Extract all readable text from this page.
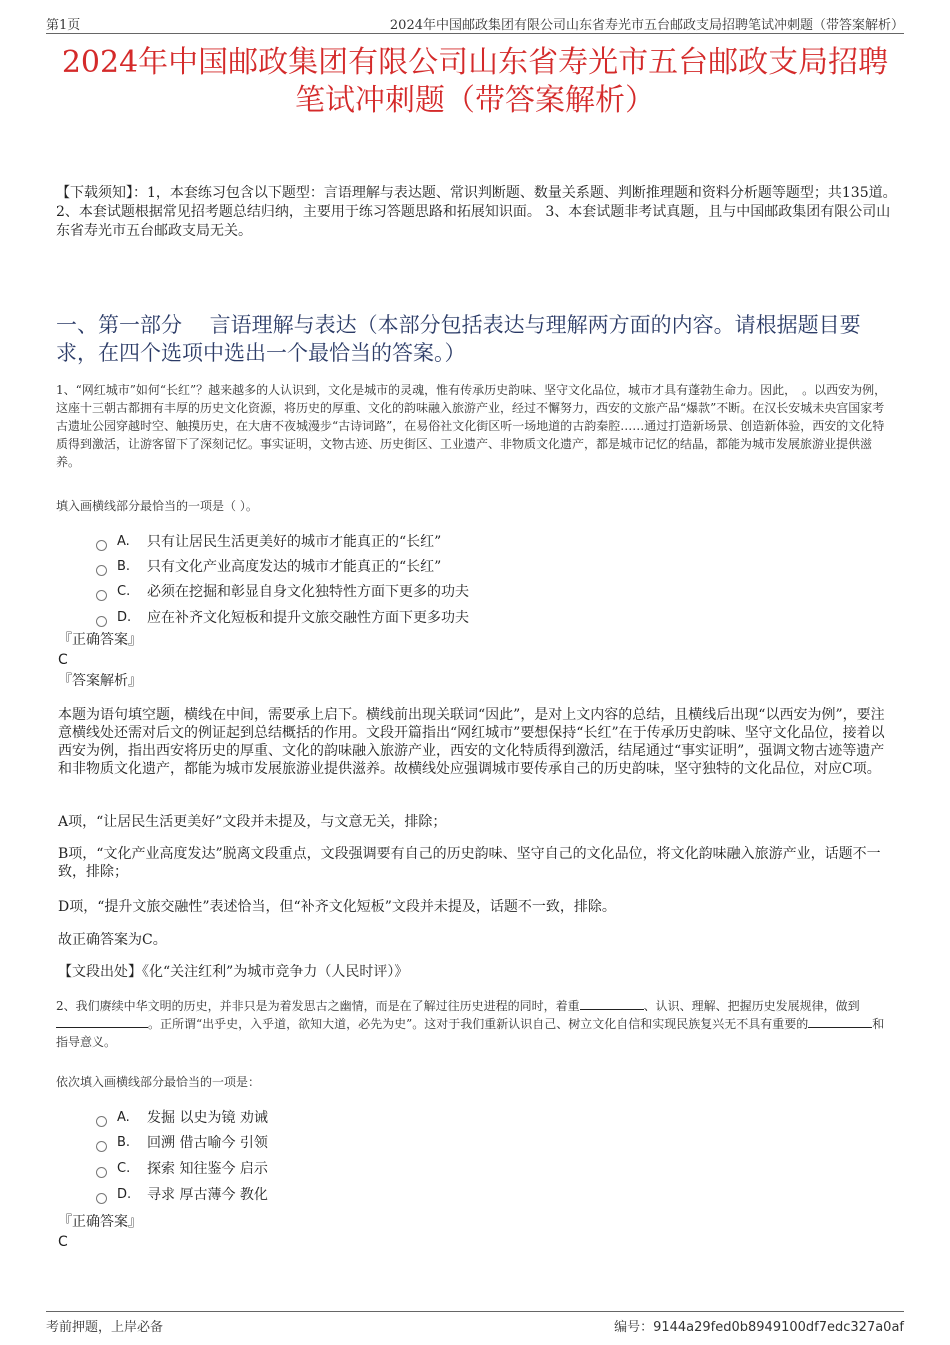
第1页	2024年中国邮政集团有限公司山东省寿光市五台邮政支局招聘笔试冲刺题（带答案解析）
2024年中国邮政集团有限公司山东省寿光市五台邮政支局招聘
笔试冲刺题（带答案解析）
【下载须知】：1，本套练习包含以下题型：言语理解与表达题、常识判断题、数量关系题、判断推理题和资料分析题等题型；共135道。 2、本套试题根据常见招考题总结归纳，主要用于练习答题思路和拓展知识面。 3、本套试题非考试真题，且与中国邮政集团有限公司山东省寿光市五台邮政支局无关。
一、第一部分　 言语理解与表达（本部分包括表达与理解两方面的内容。请根据题目要求，在四个选项中选出一个最恰当的答案。）
1、“网红城市”如何“长红”？越来越多的人认识到，文化是城市的灵魂，惟有传承历史韵味、坚守文化品位，城市才具有蓬勃生命力。因此，　。以西安为例，这座十三朝古都拥有丰厚的历史文化资源，将历史的厚重、文化的韵味融入旅游产业，经过不懈努力，西安的文旅产品“爆款”不断。在汉长安城未央宫国家考古遗址公园穿越时空、触摸历史，在大唐不夜城漫步“古诗词路”，在易俗社文化街区听一场地道的古韵秦腔……通过打造新场景、创造新体验，西安的文化特质得到激活，让游客留下了深刻记忆。事实证明，文物古迹、历史街区、工业遗产、非物质文化遗产，都是城市记忆的结晶，都能为城市发展旅游业提供滋养。
填入画横线部分最恰当的一项是（ ）。
A.	只有让居民生活更美好的城市才能真正的“长红”
B.	只有文化产业高度发达的城市才能真正的“长红”
C.	必须在挖掘和彰显自身文化独特性方面下更多的功夫
D.	应在补齐文化短板和提升文旅交融性方面下更多功夫
『正确答案』
C
『答案解析』
本题为语句填空题，横线在中间，需要承上启下。横线前出现关联词“因此”，是对上文内容的总结，且横线后出现“以西安为例”，要注意横线处还需对后文的例证起到总结概括的作用。文段开篇指出“网红城市”要想保持“长红”在于传承历史韵味、坚守文化品位，接着以西安为例，指出西安将历史的厚重、文化的韵味融入旅游产业，西安的文化特质得到激活，结尾通过“事实证明”，强调文物古迹等遗产和非物质文化遗产，都能为城市发展旅游业提供滋养。故横线处应强调城市要传承自己的历史韵味，坚守独特的文化品位，对应C项。
A项，“让居民生活更美好”文段并未提及，与文意无关，排除；
B项，“文化产业高度发达”脱离文段重点，文段强调要有自己的历史韵味、坚守自己的文化品位，将文化韵味融入旅游产业，话题不一致，排除；
D项，“提升文旅交融性”表述恰当，但“补齐文化短板”文段并未提及，话题不一致，排除。
故正确答案为C。
【文段出处】《化“关注红利”为城市竞争力（人民时评）》
2、我们赓续中华文明的历史，并非只是为着发思古之幽情，而是在了解过往历史进程的同时，着重	、认识、理解、把握历史发展规律，做到。正所谓“出乎史，入乎道，欲知大道，必先为史”。这对于我们重新认识自己、树立文化自信和实现民族复兴无不具有重要的	和指导意义。
依次填入画横线部分最恰当的一项是：
A.	发掘 以史为镜 劝诫
B.	回溯 借古喻今 引领
C.	探索 知往鉴今 启示
D.	寻求 厚古薄今 教化
『正确答案』
C
考前押题，上岸必备	编号：9144a29fed0b8949100df7edc327a0af
